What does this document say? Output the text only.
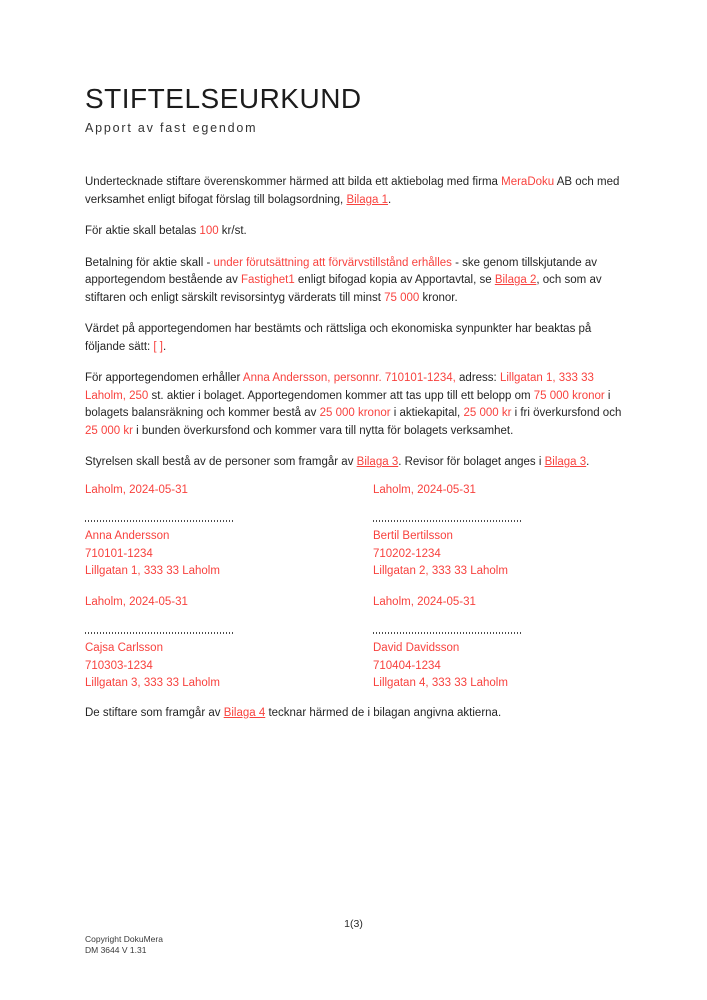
STIFTELSEURKUND
Apport av fast egendom

Undertecknade stiftare överenskommer härmed att bilda ett aktiebolag med firma MeraDoku AB och med verksamhet enligt bifogat förslag till bolagsordning, Bilaga 1.

För aktie skall betalas 100 kr/st.

Betalning för aktie skall - under förutsättning att förvärvstillstånd erhålles - ske genom tillskjutande av apportegendom bestående av Fastighet1 enligt bifogad kopia av Apportavtal, se Bilaga 2, och som av stiftaren och enligt särskilt revisorsintyg värderats till minst 75 000 kronor.

Värdet på apportegendomen har bestämts och rättsliga och ekonomiska synpunkter har beaktas på följande sätt: [ ].

För apportegendomen erhåller Anna Andersson, personnr. 710101-1234, adress: Lillgatan 1, 333 33 Laholm, 250 st. aktier i bolaget. Apportegendomen kommer att tas upp till ett belopp om 75 000 kronor i bolagets balansräkning och kommer bestå av 25 000 kronor i aktiekapital, 25 000 kr i fri överkursfond och 25 000 kr i bunden överkursfond och kommer vara till nytta för bolagets verksamhet.

Styrelsen skall bestå av de personer som framgår av Bilaga 3. Revisor för bolaget anges i Bilaga 3.

Laholm, 2024-05-31
Anna Andersson
710101-1234
Lillgatan 1, 333 33 Laholm
Laholm, 2024-05-31
Bertil Bertilsson
710202-1234
Lillgatan 2, 333 33 Laholm
Laholm, 2024-05-31
Cajsa Carlsson
710303-1234
Lillgatan 3, 333 33 Laholm
Laholm, 2024-05-31
David Davidsson
710404-1234
Lillgatan 4, 333 33 Laholm

De stiftare som framgår av Bilaga 4 tecknar härmed de i bilagan angivna aktierna.

1(3)
Copyright DokuMera
DM 3644 V 1.31
